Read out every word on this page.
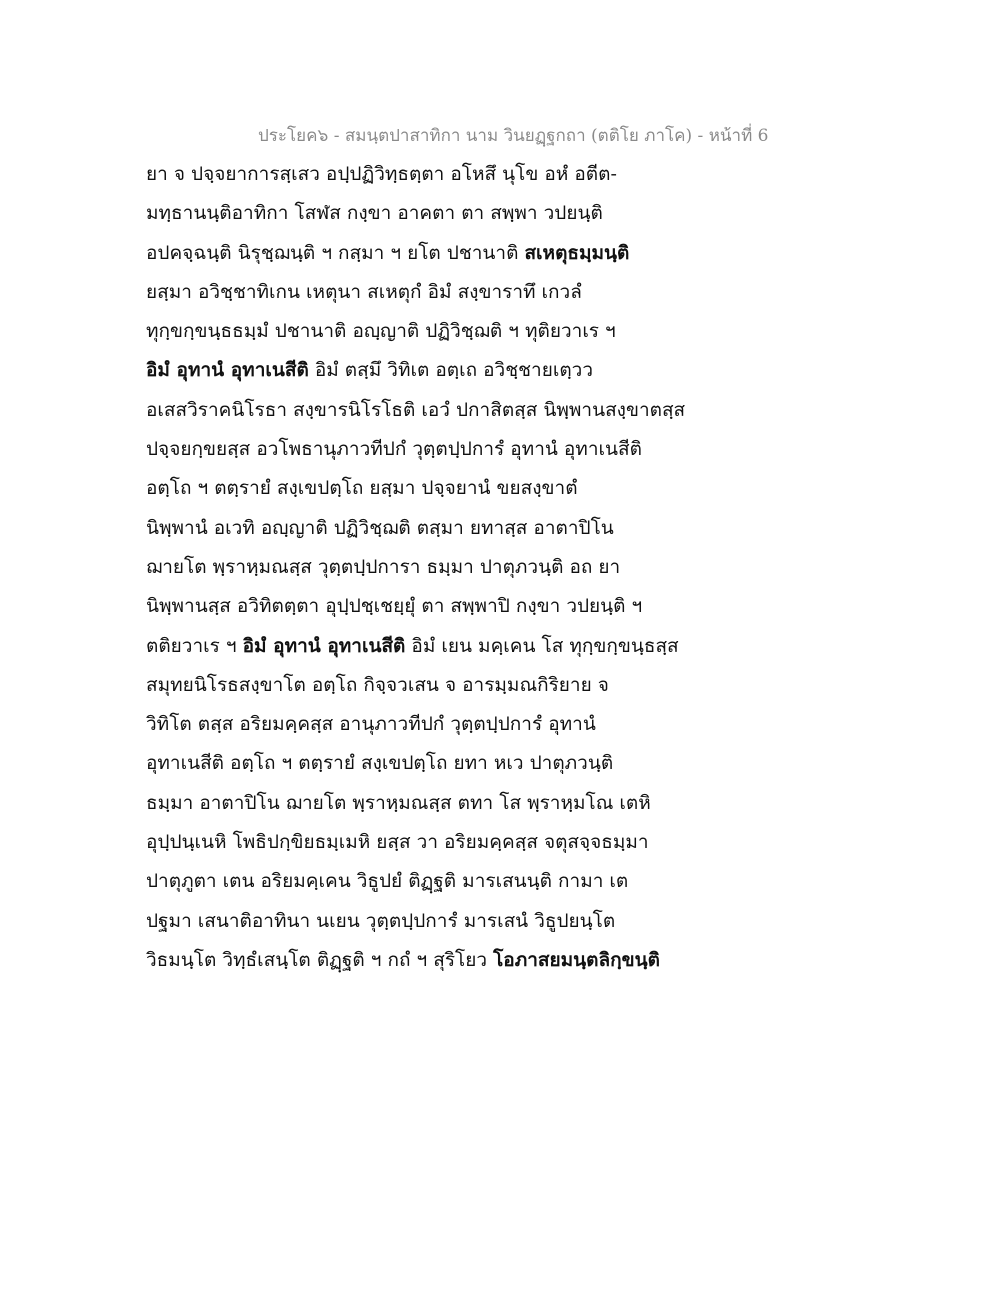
ประโยค๖ - สมนฺตปาสาทิกา นาม วินยฏฺฐกถา (ตติโย ภาโค) - หน้าที่ 6
ยา จ ปจฺจยาการสฺเสว อปฺปฏิวิทฺธตฺตา อโหสึ นุโข อหํ อตีต-
มทฺธานนฺติอาทิกา โสฬส กงฺขา อาคตา ตา สพฺพา วปยนฺติ
อปคจฺฉนฺติ นิรุชฺฌนฺติ ฯ กสฺมา ฯ ยโต ปชานาติ สเหตุธมฺมนฺติ
ยสฺมา อวิชฺชาทิเกน เหตุนา สเหตุกํ อิมํ สงฺขาราทึ เกวลํ
ทุกฺขกฺขนฺธธมฺมํ ปชานาติ อญฺญาติ ปฏิวิชฺฌติ ฯ ทุติยวาเร ฯ
อิมํ อุทานํ อุทาเนสีติ อิมํ ตสฺมึ วิทิเต อตฺเถ อวิชฺชายเตฺวว
อเสสวิราคนิโรธา สงฺขารนิโรโธติ เอวํ ปกาสิตสฺส นิพฺพานสงฺขาตสฺส
ปจฺจยกฺขยสฺส อวโพธานุภาวทีปกํ วุตฺตปฺปการํ อุทานํ อุทาเนสีติ
อตฺโถ ฯ ตตฺรายํ สงฺเขปตฺโถ ยสฺมา ปจฺจยานํ ขยสงฺขาตํ
นิพฺพานํ อเวทิ อญฺญาติ ปฏิวิชฺฌติ ตสฺมา ยทาสฺส อาตาปิโน
ฌายโต พฺราหฺมณสฺส วุตฺตปฺปการา ธมฺมา ปาตุภวนฺติ อถ ยา
นิพฺพานสฺส อวิทิตตฺตา อุปฺปชฺเชยฺยุํ ตา สพฺพาปิ กงฺขา วปยนฺติ ฯ
ตติยวาเร ฯ อิมํ อุทานํ อุทาเนสีติ อิมํ เยน มคฺเคน โส ทุกฺขกฺขนฺธสฺส
สมุทยนิโรธสงฺขาโต อตฺโถ กิจฺจวเสน จ อารมฺมณกิริยาย จ
วิทิโต ตสฺส อริยมคฺคสฺส อานุภาวทีปกํ วุตฺตปฺปการํ อุทานํ
อุทาเนสีติ อตฺโถ ฯ ตตฺรายํ สงฺเขปตฺโถ ยทา หเว ปาตุภวนฺติ
ธมฺมา อาตาปิโน ฌายโต พฺราหฺมณสฺส ตทา โส พฺราหฺมโณ เตหิ
อุปฺปนฺเนหิ โพธิปกฺขิยธมฺเมหิ ยสฺส วา อริยมคฺคสฺส จตุสจฺจธมฺมา
ปาตุภูตา เตน อริยมคฺเคน วิธูปยํ ติฏฺฐติ มารเสนนฺติ กามา เต
ปฐมา เสนาติอาทินา นเยน วุตฺตปฺปการํ มารเสนํ วิธูปยนฺโต
วิธมนฺโต วิทฺธํเสนฺโต ติฏฺฐติ ฯ กถํ ฯ สุริโยว โอภาสยมนฺตลิกฺขนฺติ
